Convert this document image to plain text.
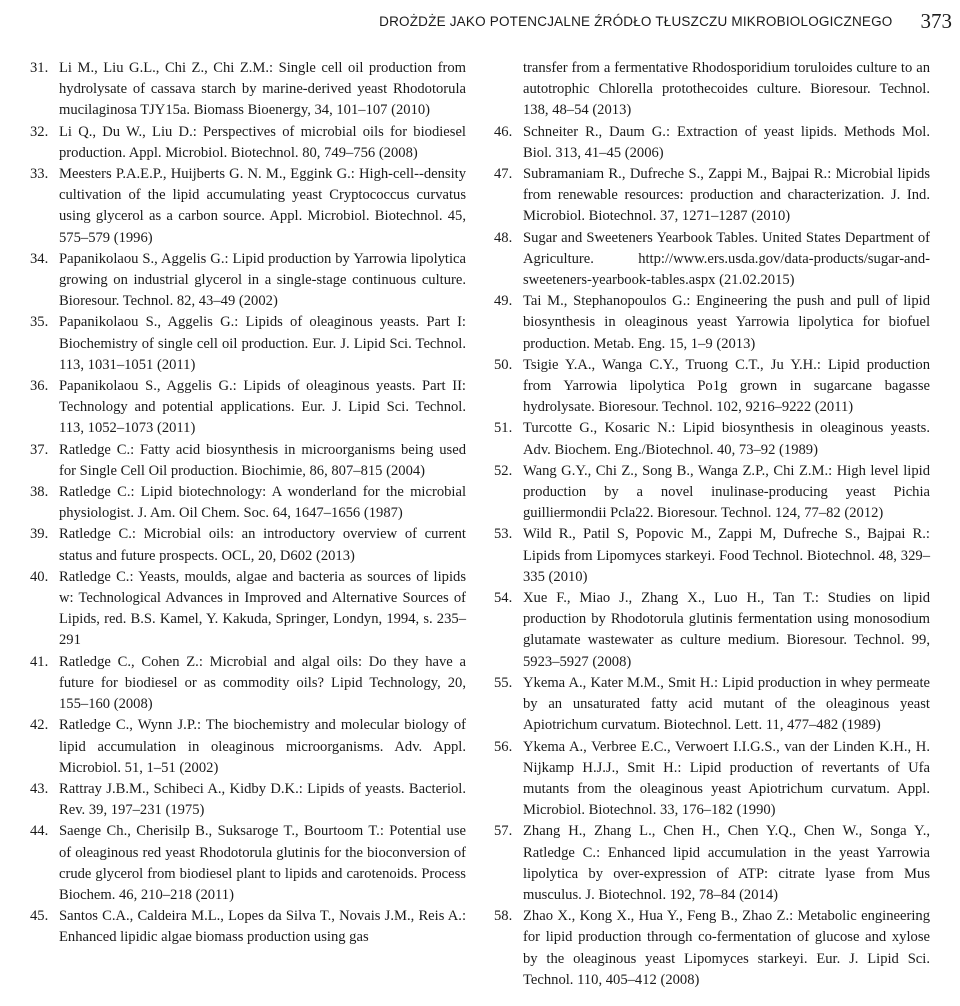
DROŻDŻE JAKO POTENCJALNE ŹRÓDŁO TŁUSZCZU MIKROBIOLOGICZNEGO 373
31. Li M., Liu G.L., Chi Z., Chi Z.M.: Single cell oil production from hydrolysate of cassava starch by marine-derived yeast Rhodotorula mucilaginosa TJY15a. Biomass Bioenergy, 34, 101–107 (2010)
32. Li Q., Du W., Liu D.: Perspectives of microbial oils for biodiesel production. Appl. Microbiol. Biotechnol. 80, 749–756 (2008)
33. Meesters P.A.E.P., Huijberts G. N. M., Eggink G.: High-cell--density cultivation of the lipid accumulating yeast Cryptococcus curvatus using glycerol as a carbon source. Appl. Microbiol. Biotechnol. 45, 575–579 (1996)
34. Papanikolaou S., Aggelis G.: Lipid production by Yarrowia lipolytica growing on industrial glycerol in a single-stage continuous culture. Bioresour. Technol. 82, 43–49 (2002)
35. Papanikolaou S., Aggelis G.: Lipids of oleaginous yeasts. Part I: Biochemistry of single cell oil production. Eur. J. Lipid Sci. Technol. 113, 1031–1051 (2011)
36. Papanikolaou S., Aggelis G.: Lipids of oleaginous yeasts. Part II: Technology and potential applications. Eur. J. Lipid Sci. Technol. 113, 1052–1073 (2011)
37. Ratledge C.: Fatty acid biosynthesis in microorganisms being used for Single Cell Oil production. Biochimie, 86, 807–815 (2004)
38. Ratledge C.: Lipid biotechnology: A wonderland for the microbial physiologist. J. Am. Oil Chem. Soc. 64, 1647–1656 (1987)
39. Ratledge C.: Microbial oils: an introductory overview of current status and future prospects. OCL, 20, D602 (2013)
40. Ratledge C.: Yeasts, moulds, algae and bacteria as sources of lipids w: Technological Advances in Improved and Alternative Sources of Lipids, red. B.S. Kamel, Y. Kakuda, Springer, Londyn, 1994, s. 235–291
41. Ratledge C., Cohen Z.: Microbial and algal oils: Do they have a future for biodiesel or as commodity oils? Lipid Technology, 20, 155–160 (2008)
42. Ratledge C., Wynn J.P.: The biochemistry and molecular biology of lipid accumulation in oleaginous microorganisms. Adv. Appl. Microbiol. 51, 1–51 (2002)
43. Rattray J.B.M., Schibeci A., Kidby D.K.: Lipids of yeasts. Bacteriol. Rev. 39, 197–231 (1975)
44. Saenge Ch., Cherisilp B., Suksaroge T., Bourtoom T.: Potential use of oleaginous red yeast Rhodotorula glutinis for the bioconversion of crude glycerol from biodiesel plant to lipids and carotenoids. Process Biochem. 46, 210–218 (2011)
45. Santos C.A., Caldeira M.L., Lopes da Silva T., Novais J.M., Reis A.: Enhanced lipidic algae biomass production using gas
transfer from a fermentative Rhodosporidium toruloides culture to an autotrophic Chlorella protothecoides culture. Bioresour. Technol. 138, 48–54 (2013)
46. Schneiter R., Daum G.: Extraction of yeast lipids. Methods Mol. Biol. 313, 41–45 (2006)
47. Subramaniam R., Dufreche S., Zappi M., Bajpai R.: Microbial lipids from renewable resources: production and characterization. J. Ind. Microbiol. Biotechnol. 37, 1271–1287 (2010)
48. Sugar and Sweeteners Yearbook Tables. United States Department of Agriculture. http://www.ers.usda.gov/data-products/sugar-and-sweeteners-yearbook-tables.aspx (21.02.2015)
49. Tai M., Stephanopoulos G.: Engineering the push and pull of lipid biosynthesis in oleaginous yeast Yarrowia lipolytica for biofuel production. Metab. Eng. 15, 1–9 (2013)
50. Tsigie Y.A., Wanga C.Y., Truong C.T., Ju Y.H.: Lipid production from Yarrowia lipolytica Po1g grown in sugarcane bagasse hydrolysate. Bioresour. Technol. 102, 9216–9222 (2011)
51. Turcotte G., Kosaric N.: Lipid biosynthesis in oleaginous yeasts. Adv. Biochem. Eng./Biotechnol. 40, 73–92 (1989)
52. Wang G.Y., Chi Z., Song B., Wanga Z.P., Chi Z.M.: High level lipid production by a novel inulinase-producing yeast Pichia guilliermondii Pcla22. Bioresour. Technol. 124, 77–82 (2012)
53. Wild R., Patil S, Popovic M., Zappi M, Dufreche S., Bajpai R.: Lipids from Lipomyces starkeyi. Food Technol. Biotechnol. 48, 329–335 (2010)
54. Xue F., Miao J., Zhang X., Luo H., Tan T.: Studies on lipid production by Rhodotorula glutinis fermentation using monosodium glutamate wastewater as culture medium. Bioresour. Technol. 99, 5923–5927 (2008)
55. Ykema A., Kater M.M., Smit H.: Lipid production in whey permeate by an unsaturated fatty acid mutant of the oleaginous yeast Apiotrichum curvatum. Biotechnol. Lett. 11, 477–482 (1989)
56. Ykema A., Verbree E.C., Verwoert I.I.G.S., van der Linden K.H., H. Nijkamp H.J.J., Smit H.: Lipid production of revertants of Ufa mutants from the oleaginous yeast Apiotrichum curvatum. Appl. Microbiol. Biotechnol. 33, 176–182 (1990)
57. Zhang H., Zhang L., Chen H., Chen Y.Q., Chen W., Songa Y., Ratledge C.: Enhanced lipid accumulation in the yeast Yarrowia lipolytica by over-expression of ATP: citrate lyase from Mus musculus. J. Biotechnol. 192, 78–84 (2014)
58. Zhao X., Kong X., Hua Y., Feng B., Zhao Z.: Metabolic engineering for lipid production through co-fermentation of glucose and xylose by the oleaginous yeast Lipomyces starkeyi. Eur. J. Lipid Sci. Technol. 110, 405–412 (2008)
